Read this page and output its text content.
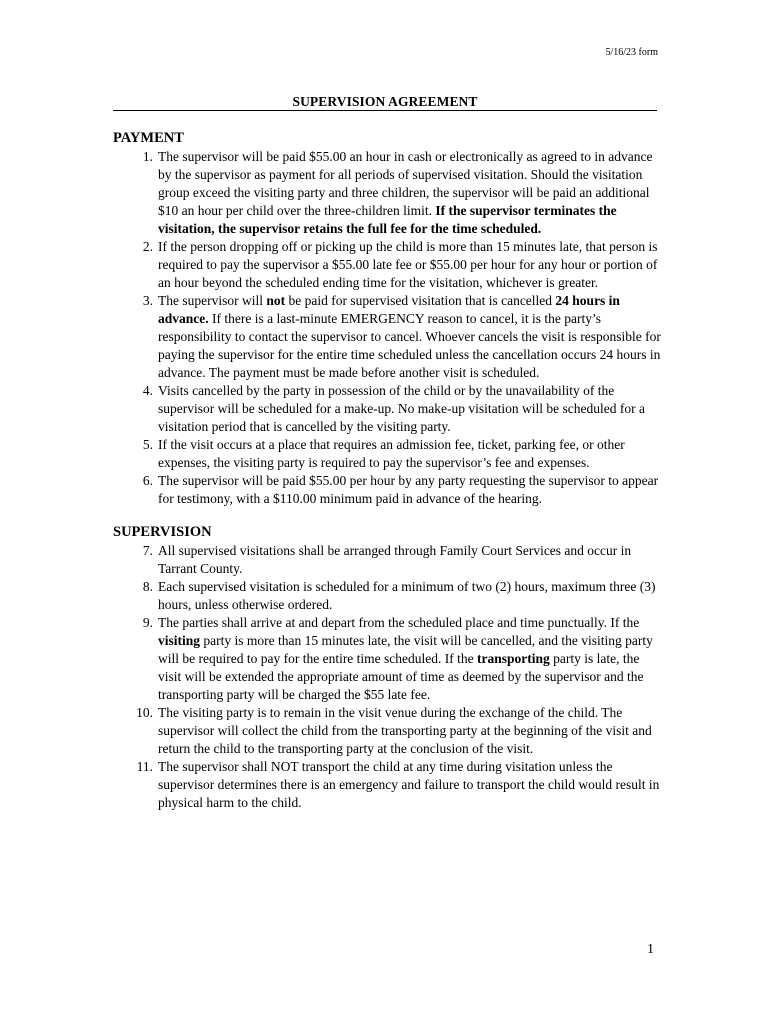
5/16/23 form
SUPERVISION AGREEMENT
PAYMENT
1. The supervisor will be paid $55.00 an hour in cash or electronically as agreed to in advance by the supervisor as payment for all periods of supervised visitation. Should the visitation group exceed the visiting party and three children, the supervisor will be paid an additional $10 an hour per child over the three-children limit. If the supervisor terminates the visitation, the supervisor retains the full fee for the time scheduled.
2. If the person dropping off or picking up the child is more than 15 minutes late, that person is required to pay the supervisor a $55.00 late fee or $55.00 per hour for any hour or portion of an hour beyond the scheduled ending time for the visitation, whichever is greater.
3. The supervisor will not be paid for supervised visitation that is cancelled 24 hours in advance. If there is a last-minute EMERGENCY reason to cancel, it is the party’s responsibility to contact the supervisor to cancel. Whoever cancels the visit is responsible for paying the supervisor for the entire time scheduled unless the cancellation occurs 24 hours in advance. The payment must be made before another visit is scheduled.
4. Visits cancelled by the party in possession of the child or by the unavailability of the supervisor will be scheduled for a make-up. No make-up visitation will be scheduled for a visitation period that is cancelled by the visiting party.
5. If the visit occurs at a place that requires an admission fee, ticket, parking fee, or other expenses, the visiting party is required to pay the supervisor’s fee and expenses.
6. The supervisor will be paid $55.00 per hour by any party requesting the supervisor to appear for testimony, with a $110.00 minimum paid in advance of the hearing.
SUPERVISION
7. All supervised visitations shall be arranged through Family Court Services and occur in Tarrant County.
8. Each supervised visitation is scheduled for a minimum of two (2) hours, maximum three (3) hours, unless otherwise ordered.
9. The parties shall arrive at and depart from the scheduled place and time punctually. If the visiting party is more than 15 minutes late, the visit will be cancelled, and the visiting party will be required to pay for the entire time scheduled. If the transporting party is late, the visit will be extended the appropriate amount of time as deemed by the supervisor and the transporting party will be charged the $55 late fee.
10. The visiting party is to remain in the visit venue during the exchange of the child. The supervisor will collect the child from the transporting party at the beginning of the visit and return the child to the transporting party at the conclusion of the visit.
11. The supervisor shall NOT transport the child at any time during visitation unless the supervisor determines there is an emergency and failure to transport the child would result in physical harm to the child.
1
